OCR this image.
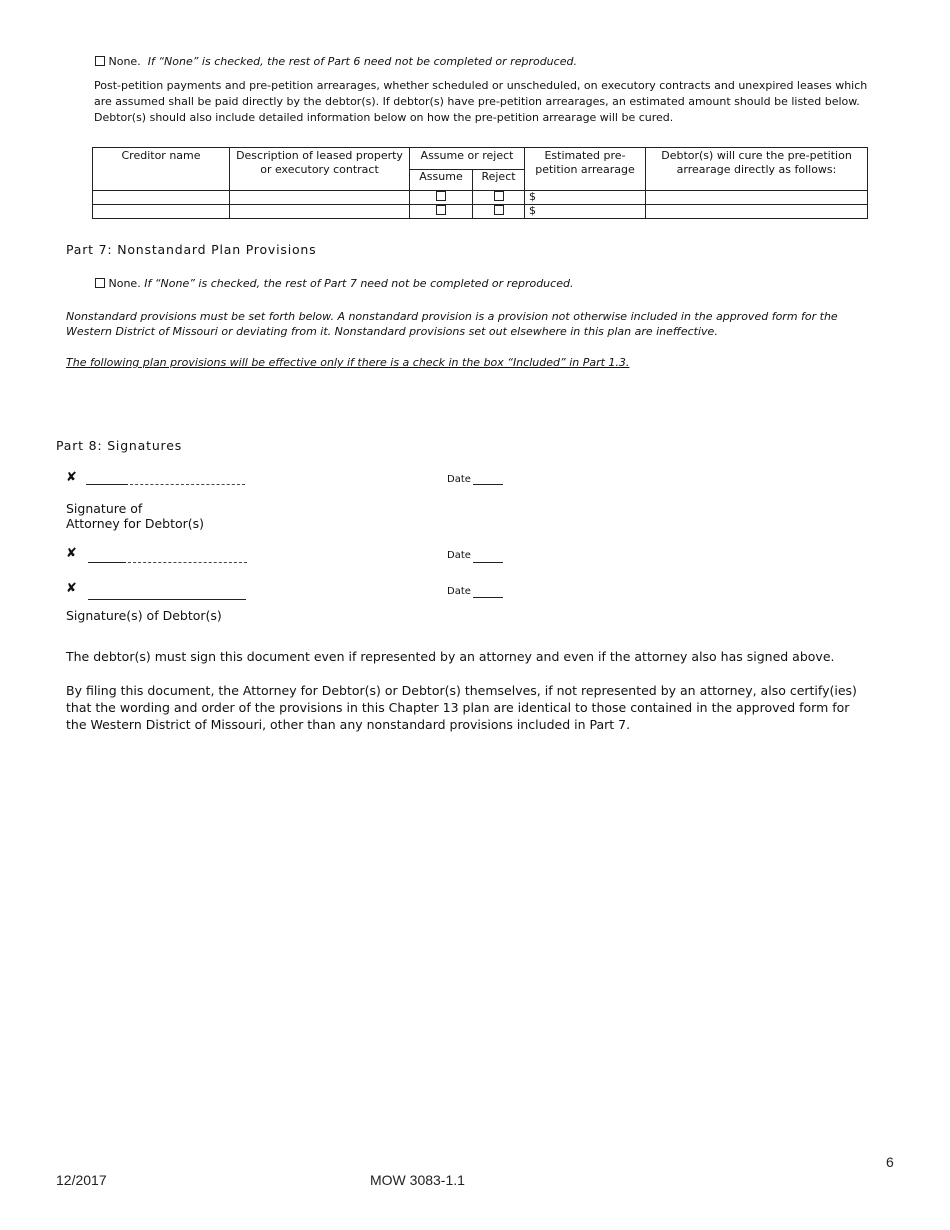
None. If “None” is checked, the rest of Part 6 need not be completed or reproduced.
Post-petition payments and pre-petition arrearages, whether scheduled or unscheduled, on executory contracts and unexpired leases which are assumed shall be paid directly by the debtor(s). If debtor(s) have pre-petition arrearages, an estimated amount should be listed below. Debtor(s) should also include detailed information below on how the pre-petition arrearage will be cured.
Creditor name	Description of leased property or executory contract	Assume or reject		Estimated pre-petition arrearage	Debtor(s) will cure the pre-petition arrearage directly as follows:
		Assume	Reject		
				$	
				$	
Part 7: Nonstandard Plan Provisions
None. If “None” is checked, the rest of Part 7 need not be completed or reproduced.
Nonstandard provisions must be set forth below. A nonstandard provision is a provision not otherwise included in the approved form for the Western District of Missouri or deviating from it. Nonstandard provisions set out elsewhere in this plan are ineffective.
The following plan provisions will be effective only if there is a check in the box “Included” in Part 1.3.
Part 8: Signatures
✘	Date
Signature of
Attorney for Debtor(s)
✘	Date
✘	Date
Signature(s) of Debtor(s)
The debtor(s) must sign this document even if represented by an attorney and even if the attorney also has signed above.
By filing this document, the Attorney for Debtor(s) or Debtor(s) themselves, if not represented by an attorney, also certify(ies) that the wording and order of the provisions in this Chapter 13 plan are identical to those contained in the approved form for the Western District of Missouri, other than any nonstandard provisions included in Part 7.
6
12/2017	MOW 3083-1.1
